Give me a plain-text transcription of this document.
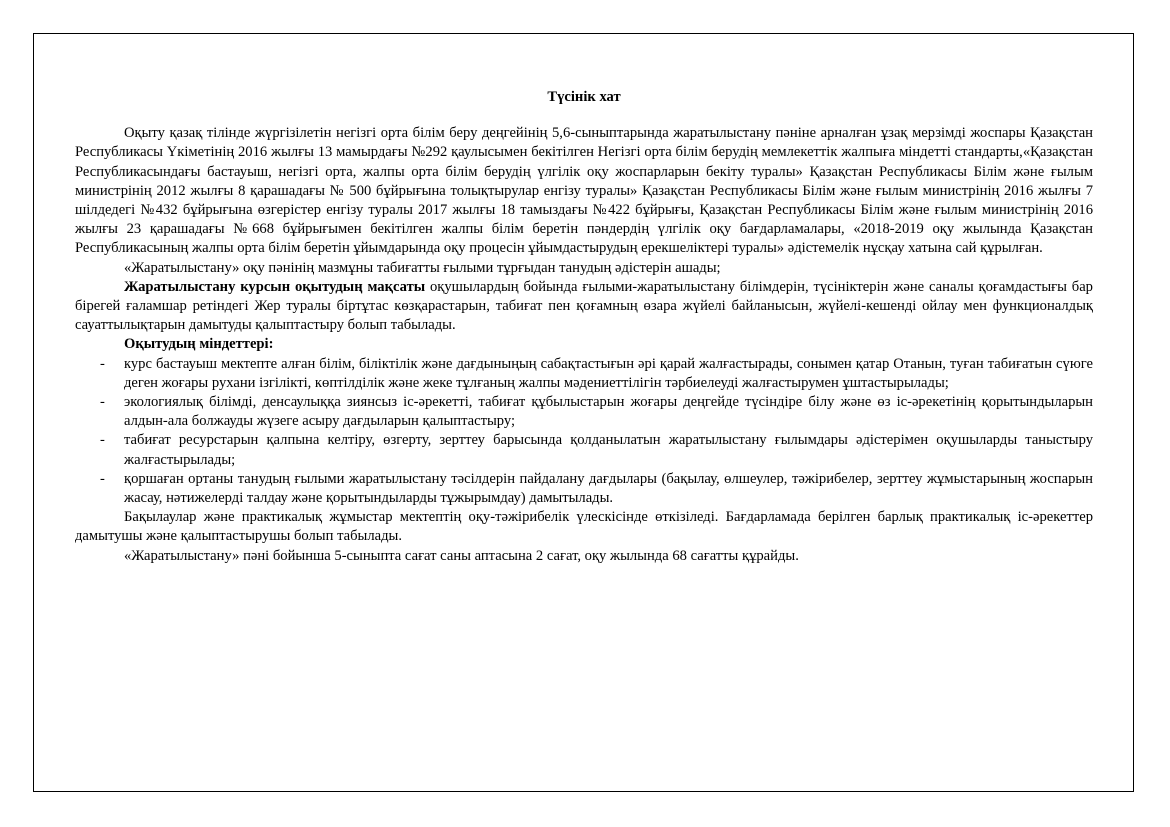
Түсінік хат

Оқыту қазақ тілінде жүргізілетін негізгі орта білім беру деңгейінің 5,6-сыныптарында жаратылыстану пәніне арналған ұзақ мерзімді жоспары Қазақстан Республикасы Үкіметінің 2016 жылғы 13 мамырдағы №292 қаулысымен бекітілген Негізгі орта білім берудің мемлекеттік жалпыға міндетті стандарты,«Қазақстан Республикасындағы бастауыш, негізгі орта, жалпы орта білім берудің үлгілік оқу жоспарларын бекіту туралы» Қазақстан Республикасы Білім және ғылым министрінің 2012 жылғы 8 қарашадағы № 500 бұйрығына толықтырулар енгізу туралы» Қазақстан Республикасы Білім және ғылым министрінің 2016 жылғы 7 шілдедегі №432 бұйрығына өзгерістер енгізу туралы 2017 жылғы 18 тамыздағы №422 бұйрығы, Қазақстан Республикасы Білім және ғылым министрінің 2016 жылғы 23 қарашадағы №668 бұйрығымен бекітілген жалпы білім беретін пәндердің үлгілік оқу бағдарламалары, «2018-2019 оқу жылында Қазақстан Республикасының жалпы орта білім беретін ұйымдарында оқу процесін ұйымдастырудың ерекшеліктері туралы» әдістемелік нұсқау хатына сай құрылған.

«Жаратылыстану» оқу пәнінің мазмұны табиғатты ғылыми тұрғыдан танудың әдістерін ашады;

Жаратылыстану курсын оқытудың мақсаты оқушылардың бойында ғылыми-жаратылыстану білімдерін, түсініктерін және саналы қоғамдастығы бар бірегей ғаламшар ретіндегі Жер туралы біртұтас көзқарастарын, табиғат пен қоғамның өзара жүйелі байланысын, жүйелі-кешенді ойлау мен функционалдық сауаттылықтарын дамытуды қалыптастыру болып табылады.

Оқытудың міндеттері:

- курс бастауыш мектепте алған білім, біліктілік және дағдыныңың сабақтастығын әрі қарай жалғастырады, сонымен қатар Отанын, туған табиғатын сүюге деген жоғары рухани ізгілікті, көптілділік және жеке тұлғаның жалпы мәдениеттілігін тәрбиелеуді жалғастырумен ұштастырылады;
- экологиялық білімді, денсаулыққа зиянсыз іс-әрекетті, табиғат құбылыстарын жоғары деңгейде түсіндіре білу және өз іс-әрекетінің қорытындыларын алдын-ала болжауды жүзеге асыру дағдыларын қалыптастыру;
- табиғат ресурстарын қалпына келтіру, өзгерту, зерттеу барысында қолданылатын жаратылыстану ғылымдары әдістерімен оқушыларды таныстыру жалғастырылады;
- қоршаған ортаны танудың ғылыми жаратылыстану тәсілдерін пайдалану дағдылары (бақылау, өлшеулер, тәжірибелер, зерттеу жұмыстарының жоспарын жасау, нәтижелерді талдау және қорытындыларды тұжырымдау) дамытылады.

Бақылаулар және практикалық жұмыстар мектептің оқу-тәжірибелік үлескісінде өткізіледі. Бағдарламада берілген барлық практикалық іс-әрекеттер дамытушы және қалыптастырушы болып табылады.

«Жаратылыстану» пәні бойынша 5-сыныпта сағат саны аптасына 2 сағат, оқу жылында 68 сағатты құрайды.
